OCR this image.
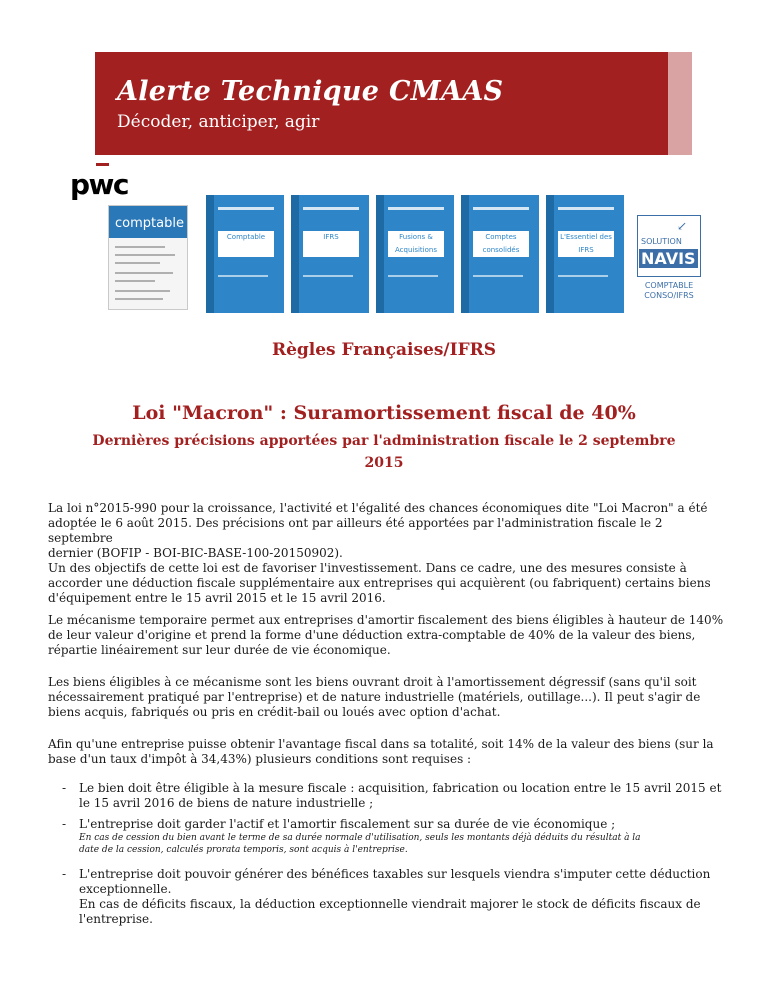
Alerte Technique CMAAS
Décoder, anticiper, agir
pwc
comptable
Comptable	IFRS	Fusions & Acquisitions
Comptes consolidés
L'Essentiel des IFRS
↙
SOLUTION
NAVIS
COMPTABLE
CONSO/IFRS
Règles Françaises/IFRS
Loi "Macron" : Suramortissement fiscal de 40%
Dernières précisions apportées par l'administration fiscale le 2 septembre
2015
La loi n°2015-990 pour la croissance, l'activité et l'égalité des chances économiques dite "Loi Macron" a été
adoptée le 6 août 2015. Des précisions ont par ailleurs été apportées par l'administration fiscale le 2 septembre
dernier (BOFIP - BOI-BIC-BASE-100-20150902).
Un des objectifs de cette loi est de favoriser l'investissement. Dans ce cadre, une des mesures consiste à
accorder une déduction fiscale supplémentaire aux entreprises qui acquièrent (ou fabriquent) certains biens
d'équipement entre le 15 avril 2015 et le 15 avril 2016.
Le mécanisme temporaire permet aux entreprises d'amortir fiscalement des biens éligibles à hauteur de 140%
de leur valeur d'origine et prend la forme d'une déduction extra-comptable de 40% de la valeur des biens,
répartie linéairement sur leur durée de vie économique.
Les biens éligibles à ce mécanisme sont les biens ouvrant droit à l'amortissement dégressif (sans qu'il soit
nécessairement pratiqué par l'entreprise) et de nature industrielle (matériels, outillage...). Il peut s'agir de
biens acquis, fabriqués ou pris en crédit-bail ou loués avec option d'achat.
Afin qu'une entreprise puisse obtenir l'avantage fiscal dans sa totalité, soit 14% de la valeur des biens (sur la
base d'un taux d'impôt à 34,43%) plusieurs conditions sont requises :
- Le bien doit être éligible à la mesure fiscale : acquisition, fabrication ou location entre le 15 avril 2015 et
le 15 avril 2016 de biens de nature industrielle ;
- L'entreprise doit garder l'actif et l'amortir fiscalement sur sa durée de vie économique ;
En cas de cession du bien avant le terme de sa durée normale d'utilisation, seuls les montants déjà déduits du résultat à la
date de la cession, calculés prorata temporis, sont acquis à l'entreprise.
- L'entreprise doit pouvoir générer des bénéfices taxables sur lesquels viendra s'imputer cette déduction
exceptionnelle.
En cas de déficits fiscaux, la déduction exceptionnelle viendrait majorer le stock de déficits fiscaux de
l'entreprise.
